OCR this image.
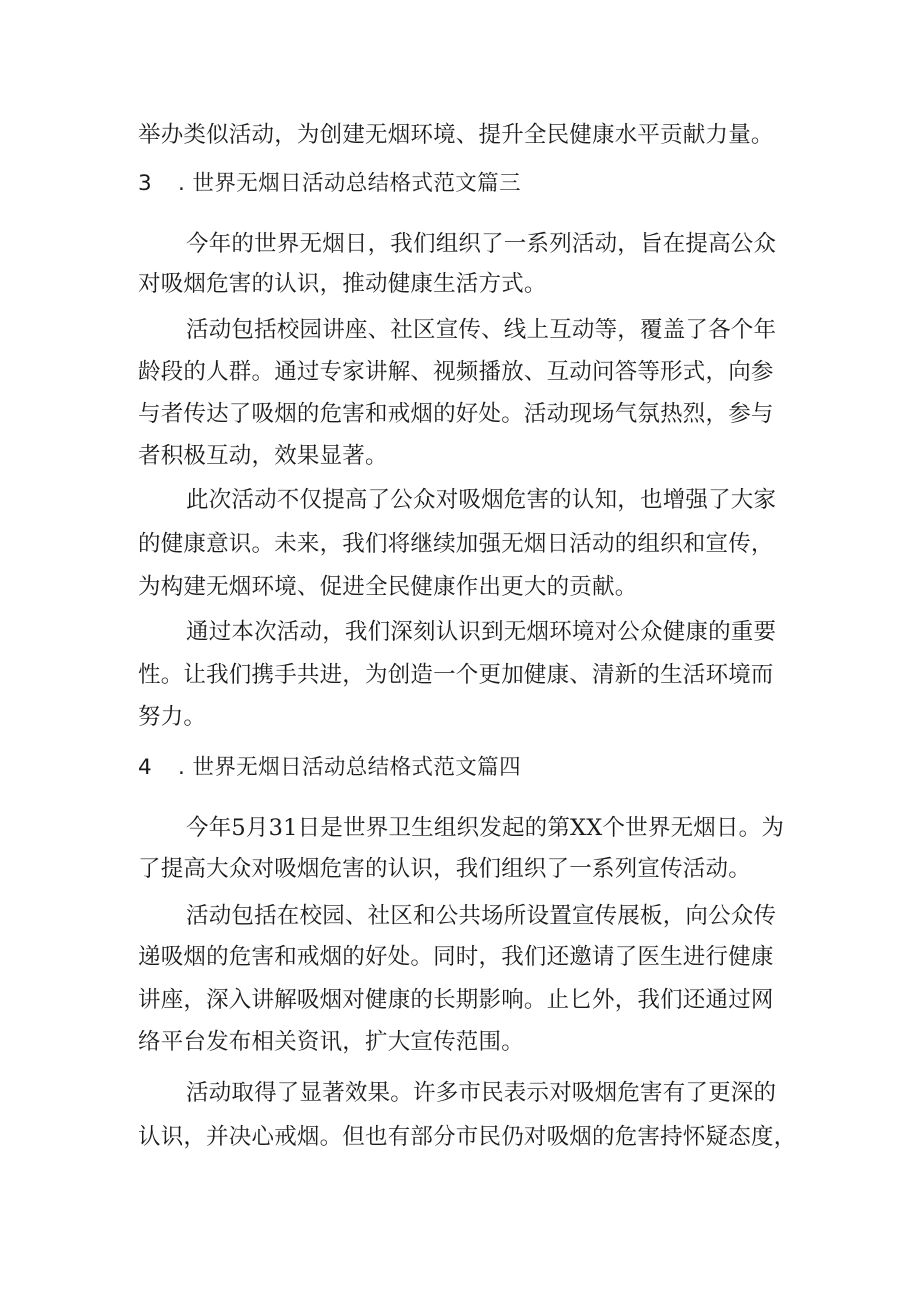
举办类似活动，为创建无烟环境、提升全民健康水平贡献力量。
3 . 世界无烟日活动总结格式范文篇三
今年的世界无烟日，我们组织了一系列活动，旨在提高公众
对吸烟危害的认识，推动健康生活方式。
活动包括校园讲座、社区宣传、线上互动等，覆盖了各个年
龄段的人群。通过专家讲解、视频播放、互动问答等形式，向参
与者传达了吸烟的危害和戒烟的好处。活动现场气氛热烈，参与
者积极互动，效果显著。
此次活动不仅提高了公众对吸烟危害的认知，也增强了大家
的健康意识。未来，我们将继续加强无烟日活动的组织和宣传，
为构建无烟环境、促进全民健康作出更大的贡献。
通过本次活动，我们深刻认识到无烟环境对公众健康的重要
性。让我们携手共进，为创造一个更加健康、清新的生活环境而
努力。
4 . 世界无烟日活动总结格式范文篇四
今年5月31日是世界卫生组织发起的第XX个世界无烟日。为
了提高大众对吸烟危害的认识，我们组织了一系列宣传活动。
活动包括在校园、社区和公共场所设置宣传展板，向公众传
递吸烟的危害和戒烟的好处。同时，我们还邀请了医生进行健康
讲座，深入讲解吸烟对健康的长期影响。止匕外，我们还通过网
络平台发布相关资讯，扩大宣传范围。
活动取得了显著效果。许多市民表示对吸烟危害有了更深的
认识，并决心戒烟。但也有部分市民仍对吸烟的危害持怀疑态度，
